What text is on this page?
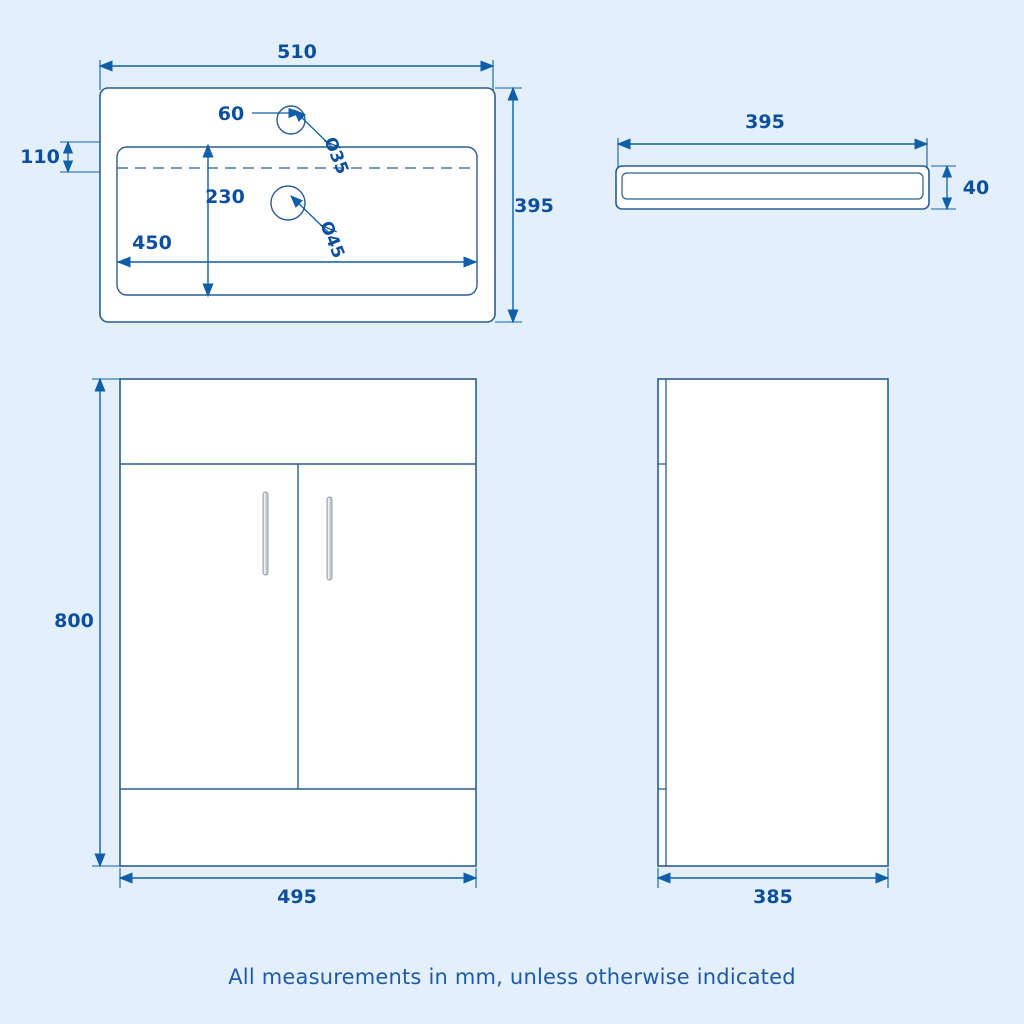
510
395
110
60
Ø35
Ø45
230
450
395
40
800
495	385
All measurements in mm, unless otherwise indicated
